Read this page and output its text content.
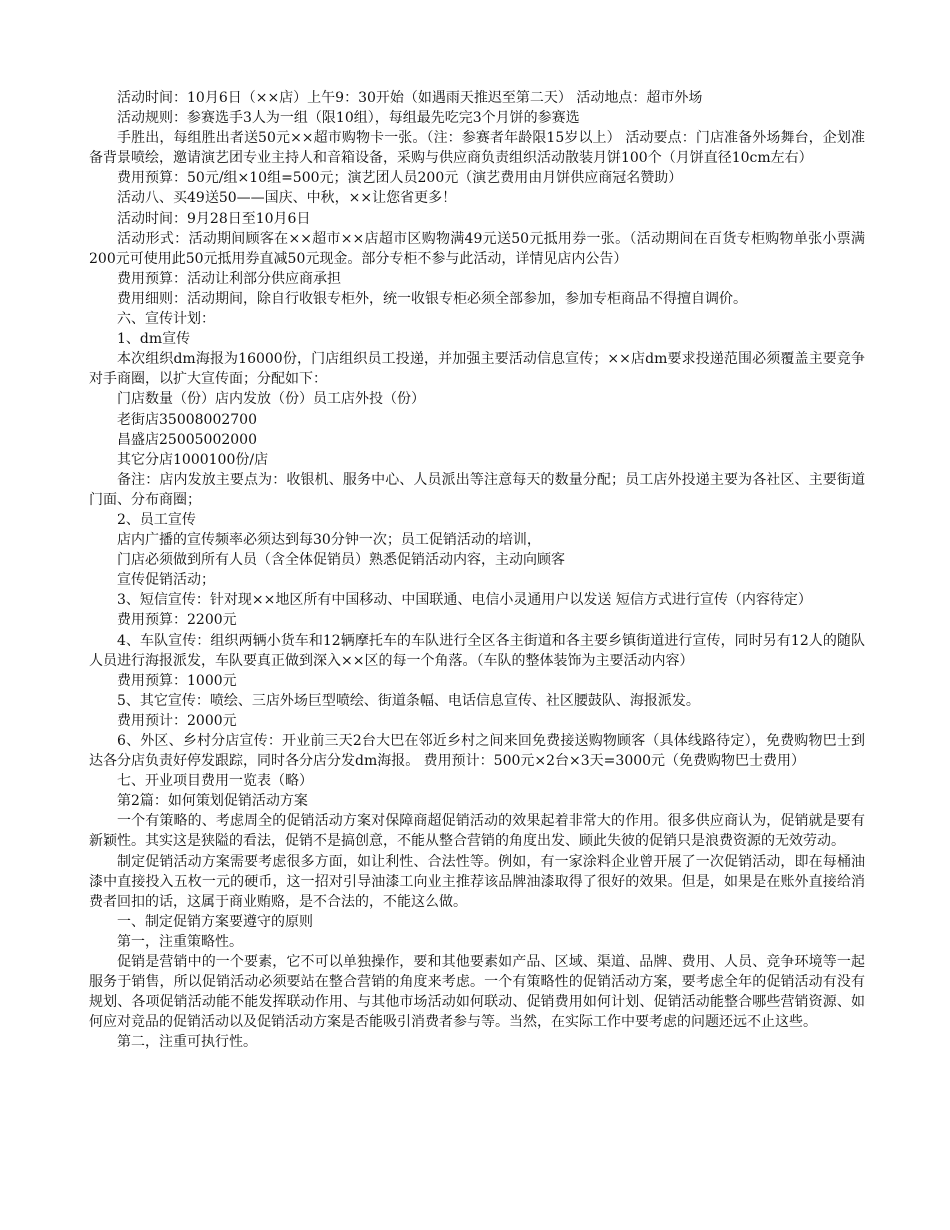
活动时间：10月6日（××店）上午9：30开始（如遇雨天推迟至第二天） 活动地点：超市外场

活动规则：参赛选手3人为一组（限10组），每组最先吃完3个月饼的参赛选

手胜出，每组胜出者送50元××超市购物卡一张。（注：参赛者年龄限15岁以上） 活动要点：门店准备外场舞台，企划准备背景喷绘，邀请演艺团专业主持人和音箱设备，采购与供应商负责组织活动散装月饼100个（月饼直径10cm左右）

费用预算：50元/组×10组=500元；演艺团人员200元（演艺费用由月饼供应商冠名赞助）

活动八、买49送50——国庆、中秋，××让您省更多！

活动时间：9月28日至10月6日

活动形式：活动期间顾客在××超市××店超市区购物满49元送50元抵用券一张。（活动期间在百货专柜购物单张小票满200元可使用此50元抵用券直减50元现金。部分专柜不参与此活动，详情见店内公告）

费用预算：活动让利部分供应商承担

费用细则：活动期间，除自行收银专柜外，统一收银专柜必须全部参加，参加专柜商品不得擅自调价。

六、宣传计划：

1、dm宣传

本次组织dm海报为16000份，门店组织员工投递，并加强主要活动信息宣传；××店dm要求投递范围必须覆盖主要竞争对手商圈，以扩大宣传面；分配如下：

门店数量（份）店内发放（份）员工店外投（份）

老街店35008002700

昌盛店25005002000

其它分店1000100份/店

备注：店内发放主要点为：收银机、服务中心、人员派出等注意每天的数量分配；员工店外投递主要为各社区、主要街道门面、分布商圈；

2、员工宣传

店内广播的宣传频率必须达到每30分钟一次；员工促销活动的培训，

门店必须做到所有人员（含全体促销员）熟悉促销活动内容，主动向顾客

宣传促销活动；

3、短信宣传：针对现××地区所有中国移动、中国联通、电信小灵通用户以发送 短信方式进行宣传（内容待定）

费用预算：2200元

4、车队宣传：组织两辆小货车和12辆摩托车的车队进行全区各主街道和各主要乡镇街道进行宣传，同时另有12人的随队人员进行海报派发，车队要真正做到深入××区的每一个角落。（车队的整体装饰为主要活动内容）

费用预算：1000元

5、其它宣传：喷绘、三店外场巨型喷绘、街道条幅、电话信息宣传、社区腰鼓队、海报派发。

费用预计：2000元

6、外区、乡村分店宣传：开业前三天2台大巴在邻近乡村之间来回免费接送购物顾客（具体线路待定），免费购物巴士到达各分店负责好停发跟踪，同时各分店分发dm海报。 费用预计：500元×2台×3天=3000元（免费购物巴士费用）

七、开业项目费用一览表（略）

第2篇：如何策划促销活动方案

一个有策略的、考虑周全的促销活动方案对保障商超促销活动的效果起着非常大的作用。很多供应商认为，促销就是要有新颖性。其实这是狭隘的看法，促销不是搞创意，不能从整合营销的角度出发、顾此失彼的促销只是浪费资源的无效劳动。

制定促销活动方案需要考虑很多方面，如让利性、合法性等。例如，有一家涂料企业曾开展了一次促销活动，即在每桶油漆中直接投入五枚一元的硬币，这一招对引导油漆工向业主推荐该品牌油漆取得了很好的效果。但是，如果是在账外直接给消费者回扣的话，这属于商业贿赂，是不合法的，不能这么做。

一、制定促销方案要遵守的原则

第一，注重策略性。

促销是营销中的一个要素，它不可以单独操作，要和其他要素如产品、区域、渠道、品牌、费用、人员、竞争环境等一起服务于销售，所以促销活动必须要站在整合营销的角度来考虑。一个有策略性的促销活动方案，要考虑全年的促销活动有没有规划、各项促销活动能不能发挥联动作用、与其他市场活动如何联动、促销费用如何计划、促销活动能整合哪些营销资源、如何应对竞品的促销活动以及促销活动方案是否能吸引消费者参与等。当然，在实际工作中要考虑的问题还远不止这些。

第二，注重可执行性。
